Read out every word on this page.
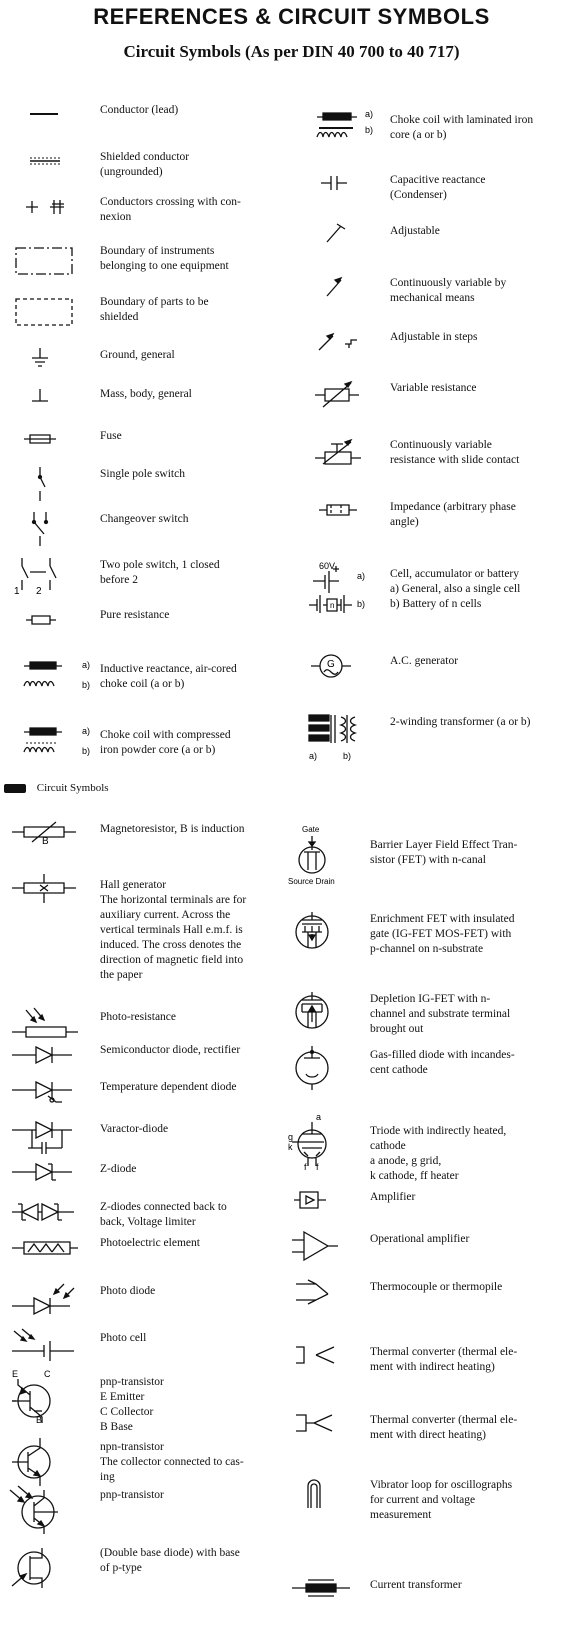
REFERENCES & CIRCUIT SYMBOLS
Circuit Symbols (As per DIN 40 700 to 40 717)
Conductor (lead)
Shielded conductor
(ungrounded)
Conductors crossing with con-
nexion
Boundary of instruments
belonging to one equipment
Boundary of parts to be
shielded
Ground, general
Mass, body, general
Fuse
Single pole switch
Changeover switch
1 2
Two pole switch, 1 closed
before 2
Pure resistance
a)
b)
Inductive reactance, air-cored
choke coil (a or b)
a)
b)
Choke coil with compressed
iron powder core (a or b)
a)
b)
Choke coil with laminated iron
core (a or b)
Capacitive reactance
(Condenser)
Adjustable
Continuously variable by
mechanical means
Adjustable in steps
Variable resistance
Continuously variable
resistance with slide contact
Impedance (arbitrary phase
angle)
60V
a)
n	b)
Cell, accumulator or battery
a) General, also a single cell
b) Battery of n cells
G	A.C. generator
a)	b)
2-winding transformer (a or b)
B
Magnetoresistor, B is induction
Hall generator
The horizontal terminals are for
auxiliary current. Across the
vertical terminals Hall e.m.f. is
induced. The cross denotes the
direction of magnetic field into
the paper
Photo-resistance
Semiconductor diode, rectifier
Temperature dependent diode
Varactor-diode
Z-diode
Z-diodes connected back to
back, Voltage limiter
Photoelectric element
Photo diode
Photo cell
E	C
B
pnp-transistor
E Emitter
C Collector
B Base
npn-transistor
The collector connected to cas-
ing
pnp-transistor
(Double base diode) with base
of p-type
Gate
Source Drain
Barrier Layer Field Effect Tran-
sistor (FET) with n-canal
Enrichment FET with insulated
gate (IG-FET MOS-FET) with
p-channel on n-substrate
Depletion IG-FET with n-
channel and substrate terminal
brought out
Gas-filled diode with incandes-
cent cathode
a
g
k
f f
Triode with indirectly heated,
cathode
a anode, g grid,
k cathode, ff heater
Amplifier
Operational amplifier
Thermocouple or thermopile
Thermal converter (thermal ele-
ment with indirect heating)
Thermal converter (thermal ele-
ment with direct heating)
Vibrator loop for oscillographs
for current and voltage
measurement
Current transformer
Circuit Symbols
